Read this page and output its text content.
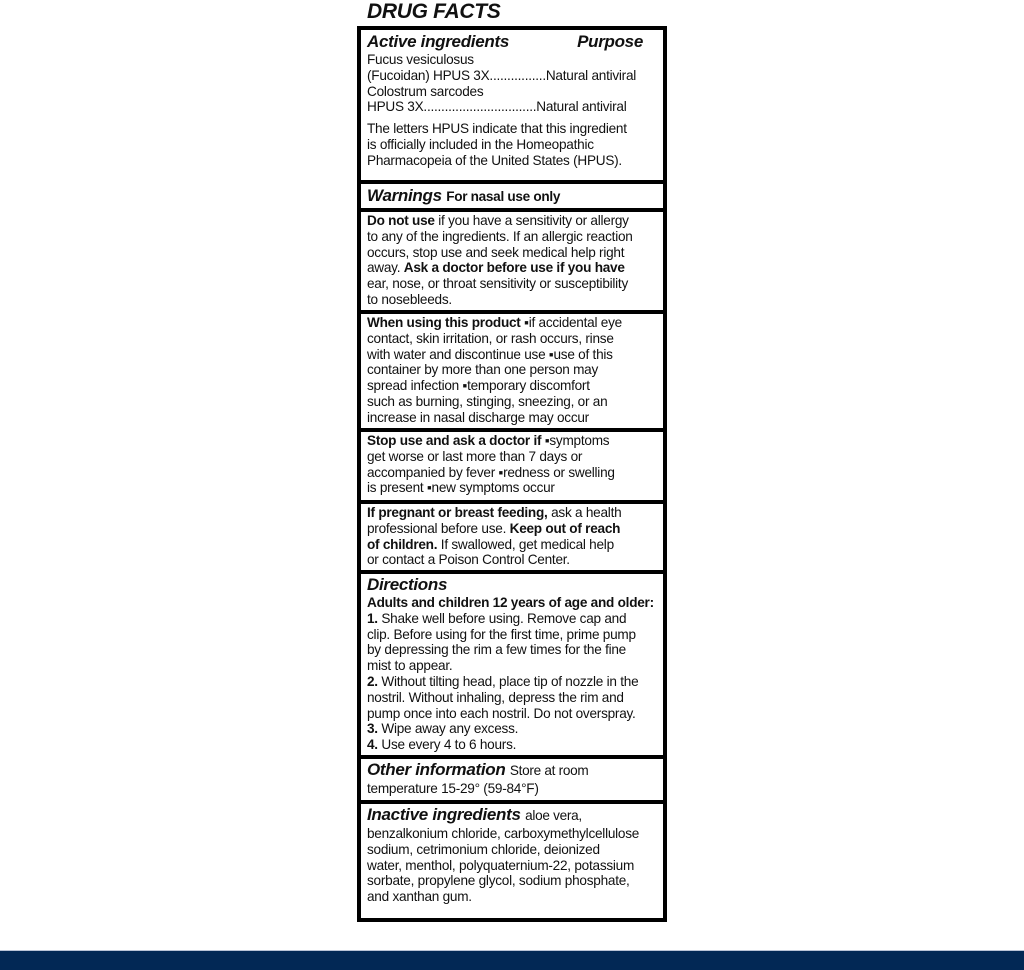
DRUG FACTS
Active ingredients	Purpose
Fucus vesiculosus
(Fucoidan) HPUS 3X................Natural antiviral
Colostrum sarcodes
HPUS 3X................................Natural antiviral
The letters HPUS indicate that this ingredient
is officially included in the Homeopathic
Pharmacopeia of the United States (HPUS).
Warnings For nasal use only
Do not use if you have a sensitivity or allergy
to any of the ingredients. If an allergic reaction
occurs, stop use and seek medical help right
away. Ask a doctor before use if you have
ear, nose, or throat sensitivity or susceptibility
to nosebleeds.
When using this product ▪if accidental eye
contact, skin irritation, or rash occurs, rinse
with water and discontinue use ▪use of this
container by more than one person may
spread infection ▪temporary discomfort
such as burning, stinging, sneezing, or an
increase in nasal discharge may occur
Stop use and ask a doctor if ▪symptoms
get worse or last more than 7 days or
accompanied by fever ▪redness or swelling
is present ▪new symptoms occur
If pregnant or breast feeding, ask a health
professional before use. Keep out of reach
of children. If swallowed, get medical help
or contact a Poison Control Center.
Directions
Adults and children 12 years of age and older:
1. Shake well before using. Remove cap and
clip. Before using for the first time, prime pump
by depressing the rim a few times for the fine
mist to appear.
2. Without tilting head, place tip of nozzle in the
nostril. Without inhaling, depress the rim and
pump once into each nostril. Do not overspray.
3. Wipe away any excess.
4. Use every 4 to 6 hours.
Other information Store at room
temperature 15-29° (59-84°F)
Inactive ingredients aloe vera,
benzalkonium chloride, carboxymethylcellulose
sodium, cetrimonium chloride, deionized
water, menthol, polyquaternium-22, potassium
sorbate, propylene glycol, sodium phosphate,
and xanthan gum.
